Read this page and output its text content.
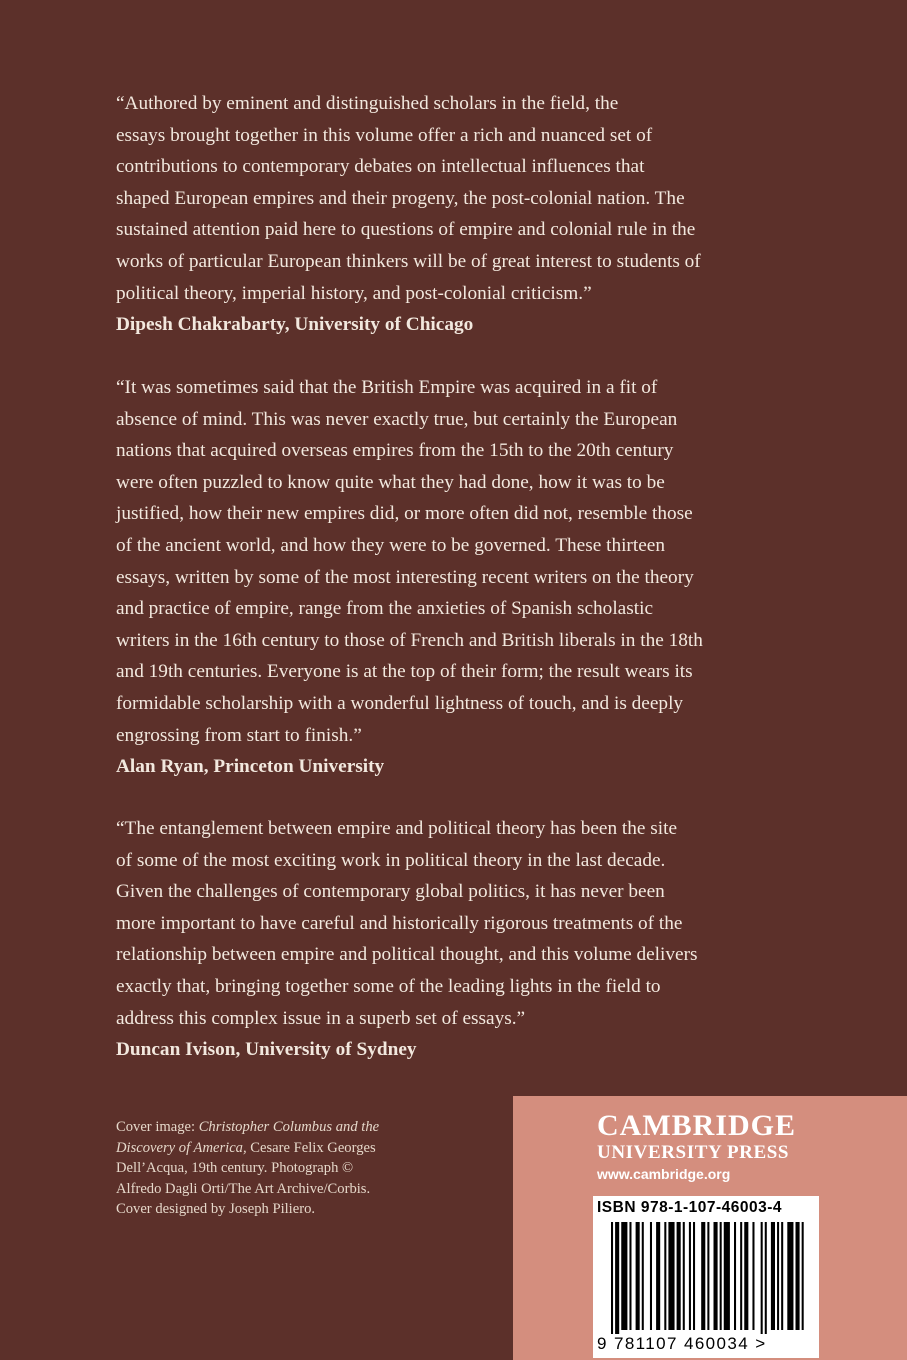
“Authored by eminent and distinguished scholars in the field, the
essays brought together in this volume offer a rich and nuanced set of
contributions to contemporary debates on intellectual influences that
shaped European empires and their progeny, the post-colonial nation. The
sustained attention paid here to questions of empire and colonial rule in the
works of particular European thinkers will be of great interest to students of
political theory, imperial history, and post-colonial criticism.”
Dipesh Chakrabarty, University of Chicago
“It was sometimes said that the British Empire was acquired in a fit of
absence of mind. This was never exactly true, but certainly the European
nations that acquired overseas empires from the 15th to the 20th century
were often puzzled to know quite what they had done, how it was to be
justified, how their new empires did, or more often did not, resemble those
of the ancient world, and how they were to be governed. These thirteen
essays, written by some of the most interesting recent writers on the theory
and practice of empire, range from the anxieties of Spanish scholastic
writers in the 16th century to those of French and British liberals in the 18th
and 19th centuries. Everyone is at the top of their form; the result wears its
formidable scholarship with a wonderful lightness of touch, and is deeply
engrossing from start to finish.”
Alan Ryan, Princeton University
“The entanglement between empire and political theory has been the site
of some of the most exciting work in political theory in the last decade.
Given the challenges of contemporary global politics, it has never been
more important to have careful and historically rigorous treatments of the
relationship between empire and political thought, and this volume delivers
exactly that, bringing together some of the leading lights in the field to
address this complex issue in a superb set of essays.”
Duncan Ivison, University of Sydney
Cover image: Christopher Columbus and the
Discovery of America, Cesare Felix Georges
Dell’Acqua, 19th century. Photograph ©
Alfredo Dagli Orti/The Art Archive/Corbis.
Cover designed by Joseph Piliero.
CAMBRIDGE
UNIVERSITY PRESS
www.cambridge.org
ISBN 978-1-107-46003-4
9 781107 460034 >
